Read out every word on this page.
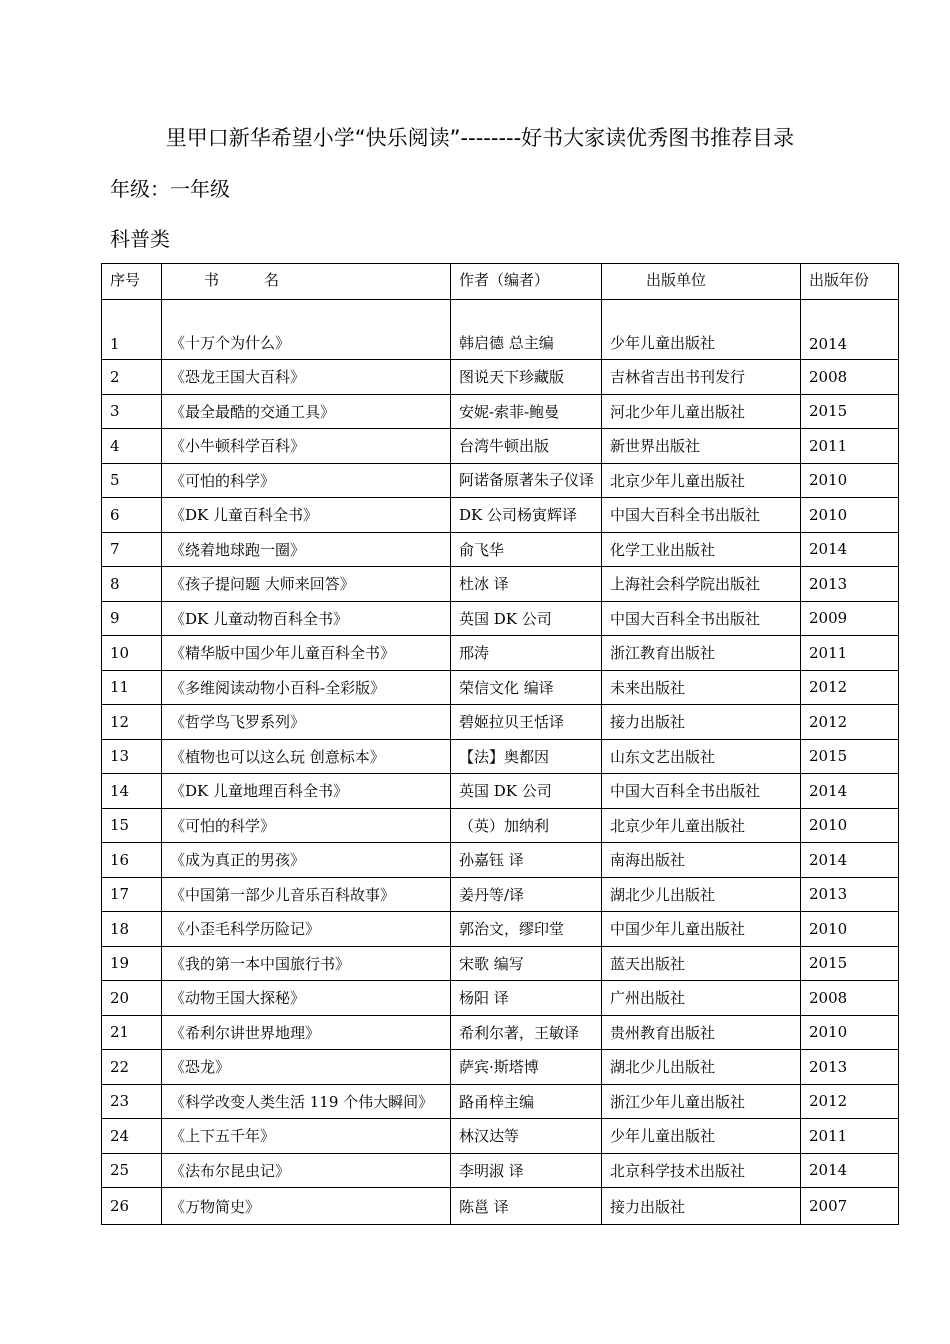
里甲口新华希望小学“快乐阅读”--------好书大家读优秀图书推荐目录
年级：一年级
科普类
序号	书　　　名	作者（编者）	出版单位	出版年份
1	《十万个为什么》	韩启德 总主编	少年儿童出版社	2014
2	《恐龙王国大百科》	图说天下珍藏版	吉林省吉出书刊发行	2008
3	《最全最酷的交通工具》	安妮-索菲-鲍曼	河北少年儿童出版社	2015
4	《小牛顿科学百科》	台湾牛顿出版	新世界出版社	2011
5	《可怕的科学》	阿诺备原著朱子仪译	北京少年儿童出版社	2010
6	《DK 儿童百科全书》	DK 公司杨寅辉译	中国大百科全书出版社	2010
7	《绕着地球跑一圈》	俞飞华	化学工业出版社	2014
8	《孩子提问题 大师来回答》	杜冰 译	上海社会科学院出版社	2013
9	《DK 儿童动物百科全书》	英国 DK 公司	中国大百科全书出版社	2009
10	《精华版中国少年儿童百科全书》	邢涛	浙江教育出版社	2011
11	《多维阅读动物小百科-全彩版》	荣信文化 编译	未来出版社	2012
12	《哲学鸟飞罗系列》	碧姬拉贝王恬译	接力出版社	2012
13	《植物也可以这么玩 创意标本》	【法】奥都因	山东文艺出版社	2015
14	《DK 儿童地理百科全书》	英国 DK 公司	中国大百科全书出版社	2014
15	《可怕的科学》	（英）加纳利	北京少年儿童出版社	2010
16	《成为真正的男孩》	孙嘉钰 译	南海出版社	2014
17	《中国第一部少儿音乐百科故事》	姜丹等/译	湖北少儿出版社	2013
18	《小歪毛科学历险记》	郭治文，缪印堂	中国少年儿童出版社	2010
19	《我的第一本中国旅行书》	宋歌 编写	蓝天出版社	2015
20	《动物王国大探秘》	杨阳 译	广州出版社	2008
21	《希利尔讲世界地理》	希利尔著，王敏译	贵州教育出版社	2010
22	《恐龙》	萨宾·斯塔博	湖北少儿出版社	2013
23	《科学改变人类生活 119 个伟大瞬间》	路甬梓主编	浙江少年儿童出版社	2012
24	《上下五千年》	林汉达等	少年儿童出版社	2011
25	《法布尔昆虫记》	李明淑 译	北京科学技术出版社	2014
26	《万物简史》	陈邕 译	接力出版社	2007
